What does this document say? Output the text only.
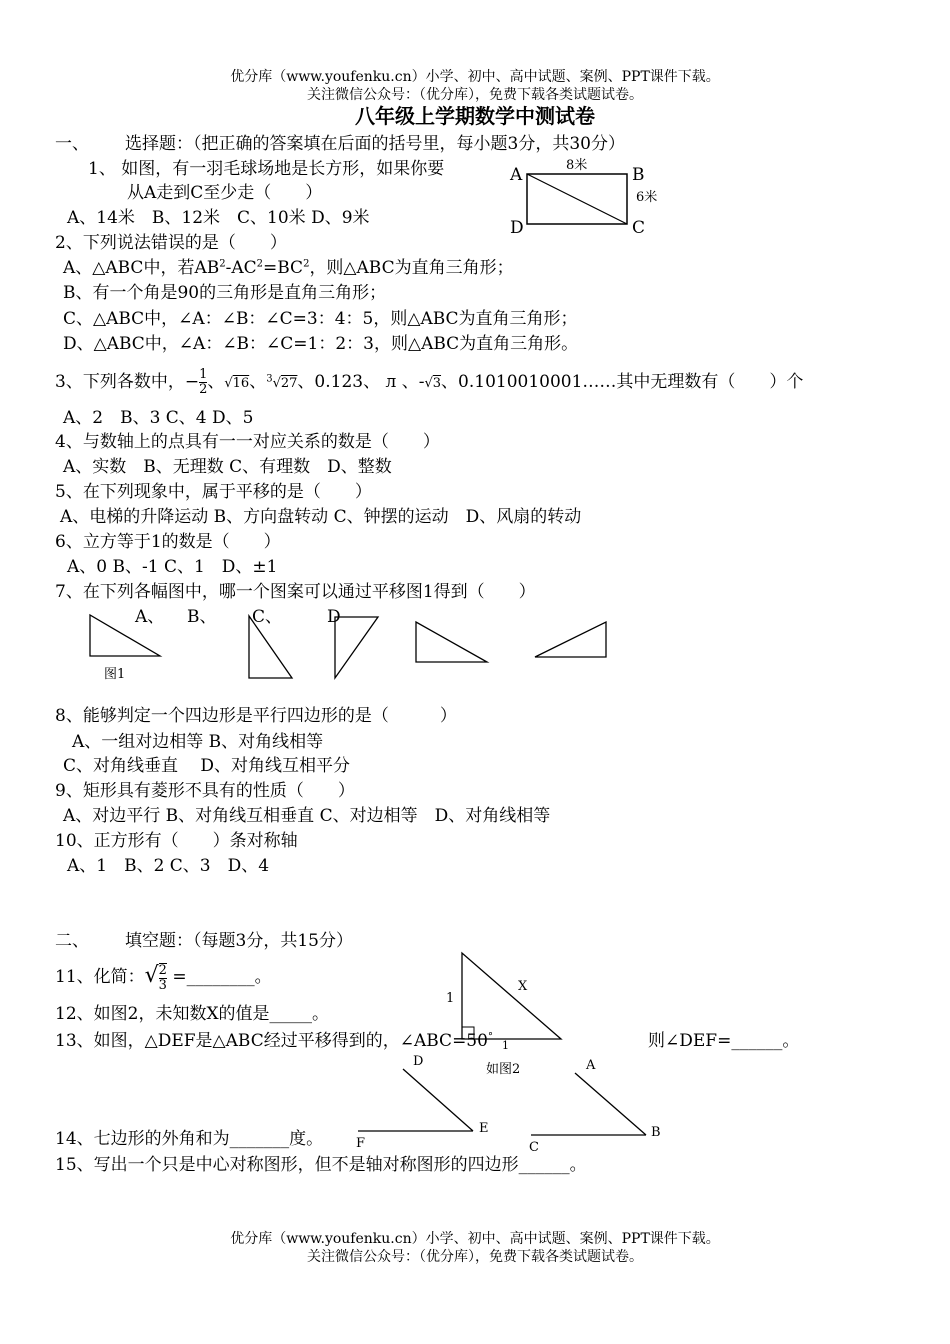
优分库（www.youfenku.cn）小学、初中、高中试题、案例、PPT课件下载。
关注微信公众号：（优分库），免费下载各类试题试卷。
八年级上学期数学中测试卷
一、 选择题：（把正确的答案填在后面的括号里，每小题3分，共30分）
1、 如图，有一羽毛球场地是长方形，如果你要
从A走到C至少走（　　）
A、14米　B、12米　C、10米 D、9米
A	B
C
D
8米
6米
2、下列说法错误的是（　　）
A、△ABC中，若$AB^2-AC^2=BC^2$，则△ABC为直角三角形；
B、有一个角是90的三角形是直角三角形；
C、△ABC中，∠A：∠B：∠C=3：4：5，则△ABC为直角三角形；
D、△ABC中，∠A：∠B：∠C=1：2：3，则△ABC为直角三角形。
3、下列各数中，− $\frac{1}{2}$ 、√16、$^3$√27、0.123、 л 、-√3、0.1010010001……其中无理数有（　　）个
A、2　B、3 C、4 D、5
4、与数轴上的点具有一一对应关系的数是（　　）
A、实数　B、无理数 C、有理数　D、整数
5、在下列现象中，属于平移的是（　　）
A、电梯的升降运动 B、方向盘转动 C、钟摆的运动　D、风扇的转动
6、立方等于1的数是（　　）
A、0 B、-1 C、1　D、±1
7、在下列各幅图中，哪一个图案可以通过平移图1得到（　　）
A、 B、 C、	D
图1
8、能够判定一个四边形是平行四边形的是（　　　）
A、一组对边相等 B、对角线相等
C、对角线垂直　 D、对角线互相平分
9、矩形具有菱形不具有的性质（　　）
A、对边平行 B、对角线互相垂直 C、对边相等　D、对角线相等
10、正方形有（　　）条对称轴
A、1　B、2 C、3　D、4
二、 填空题：（每题3分，共15分）
11、化简：√ $\frac{2}{3}$ =________。
12、如图2，未知数X的值是_____。
1
X
1
如图2
13、如图，△DEF是△ABC经过平移得到的，∠ABC=50°	则∠DEF=______。
D
E
F
A
B
C
14、七边形的外角和为_______度。
15、写出一个只是中心对称图形，但不是轴对称图形的四边形______。
优分库（www.youfenku.cn）小学、初中、高中试题、案例、PPT课件下载。
关注微信公众号：（优分库），免费下载各类试题试卷。
